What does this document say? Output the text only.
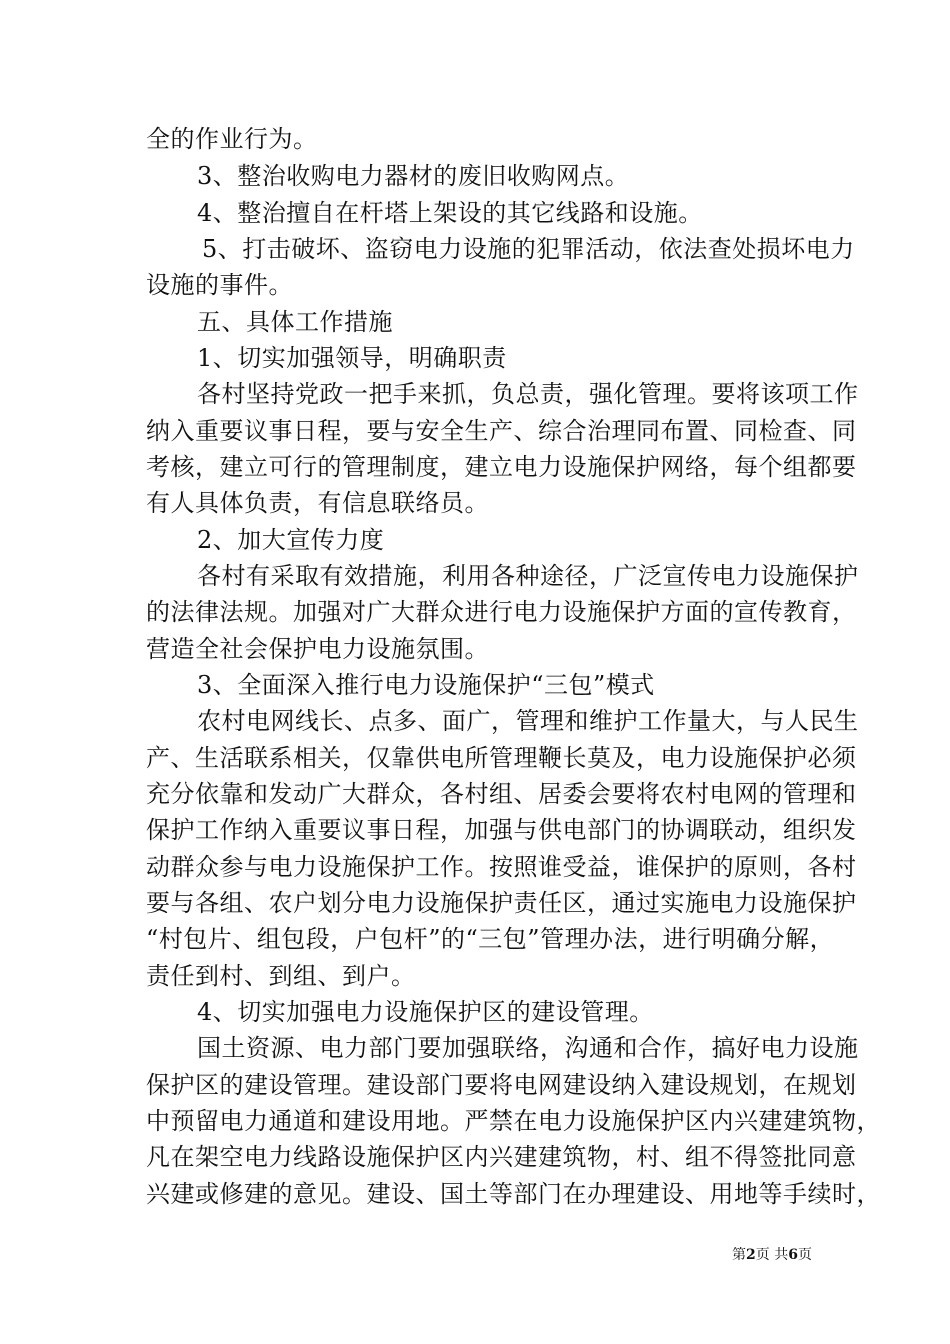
全的作业行为。
3、整治收购电力器材的废旧收购网点。
4、整治擅自在杆塔上架设的其它线路和设施。
5、打击破坏、盗窃电力设施的犯罪活动，依法查处损坏电力
设施的事件。
五、具体工作措施
1、切实加强领导，明确职责
各村坚持党政一把手来抓，负总责，强化管理。要将该项工作
纳入重要议事日程，要与安全生产、综合治理同布置、同检查、同
考核，建立可行的管理制度，建立电力设施保护网络，每个组都要
有人具体负责，有信息联络员。
2、加大宣传力度
各村有采取有效措施，利用各种途径，广泛宣传电力设施保护
的法律法规。加强对广大群众进行电力设施保护方面的宣传教育，
营造全社会保护电力设施氛围。
3、全面深入推行电力设施保护“三包”模式
农村电网线长、点多、面广，管理和维护工作量大，与人民生
产、生活联系相关，仅靠供电所管理鞭长莫及，电力设施保护必须
充分依靠和发动广大群众，各村组、居委会要将农村电网的管理和
保护工作纳入重要议事日程，加强与供电部门的协调联动，组织发
动群众参与电力设施保护工作。按照谁受益，谁保护的原则，各村
要与各组、农户划分电力设施保护责任区，通过实施电力设施保护
“村包片、组包段，户包杆”的“三包”管理办法，进行明确分解，
责任到村、到组、到户。
4、切实加强电力设施保护区的建设管理。
国土资源、电力部门要加强联络，沟通和合作，搞好电力设施
保护区的建设管理。建设部门要将电网建设纳入建设规划，在规划
中预留电力通道和建设用地。严禁在电力设施保护区内兴建建筑物，
凡在架空电力线路设施保护区内兴建建筑物，村、组不得签批同意
兴建或修建的意见。建设、国土等部门在办理建设、用地等手续时，
第2页 共6页
